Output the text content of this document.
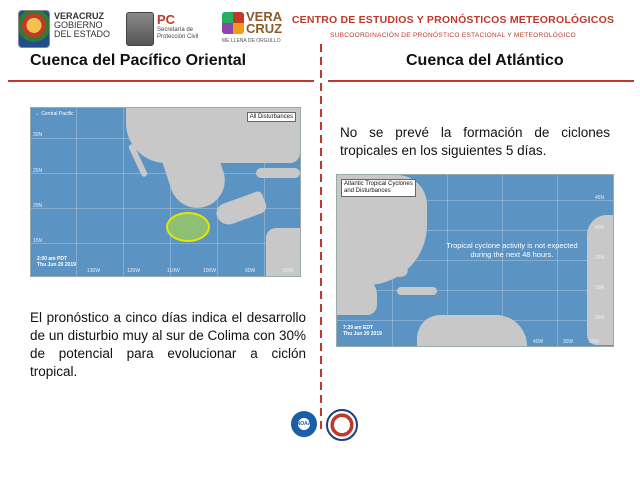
VERACRUZ
GOBIERNO
DEL ESTADO
PC
Secretaría de Protección Civil
VERA
CRUZ
ME LLENA DE ORGULLO
CENTRO DE ESTUDIOS Y PRONÓSTICOS METEOROLÓGICOS
SUBCOORDINACIÓN DE PRONÓSTICO ESTACIONAL Y METEOROLÓGICO
Cuenca del Pacífico Oriental	Cuenca del Atlántico
← Central Pacific	All Disturbances
2:00 am PDT
Thu Jun 20 2019
130W	120W	110W	100W	90W	80W
30N
25N
20N
15N
El pronóstico a cinco días indica el desarrollo de un disturbio muy al sur de Colima con 30% de potencial para evolucionar a ciclón tropical.
No se prevé la formación de ciclones tropicales en los siguientes 5 días.
Atlantic Tropical Cyclones
and Disturbances
Tropical cyclone activity is not expected
during the next 48 hours.
7:29 am EDT
Thu Jun 20 2019
45N
40N
35N
30N
25N
40W	30W	20W
NOAA
